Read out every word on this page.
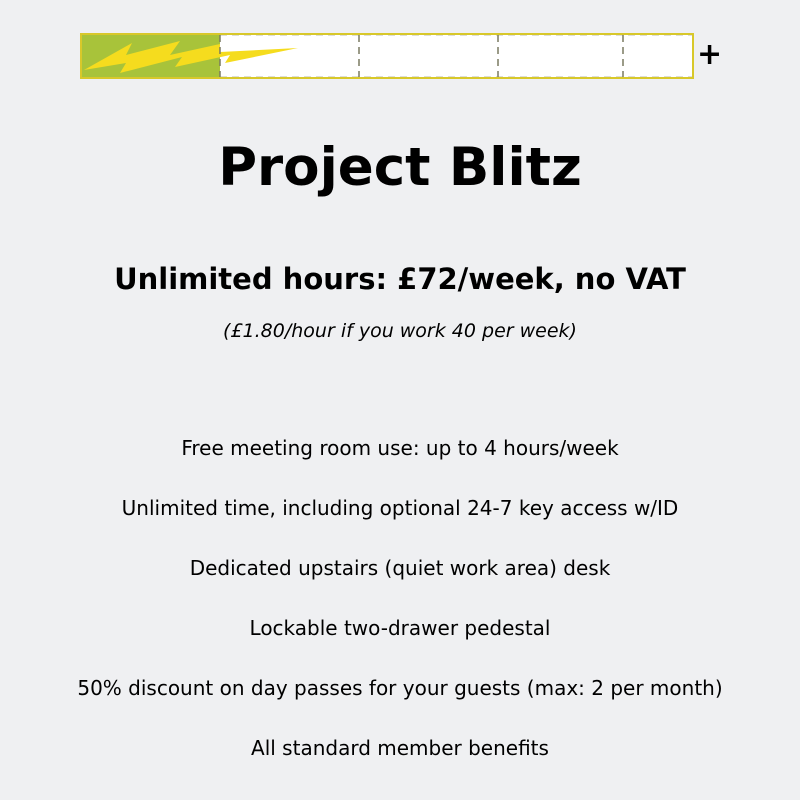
+
Project Blitz
Unlimited hours: £72/week, no VAT
(£1.80/hour if you work 40 per week)
Free meeting room use: up to 4 hours/week
Unlimited time, including optional 24-7 key access w/ID
Dedicated upstairs (quiet work area) desk
Lockable two-drawer pedestal
50% discount on day passes for your guests (max: 2 per month)
All standard member benefits
